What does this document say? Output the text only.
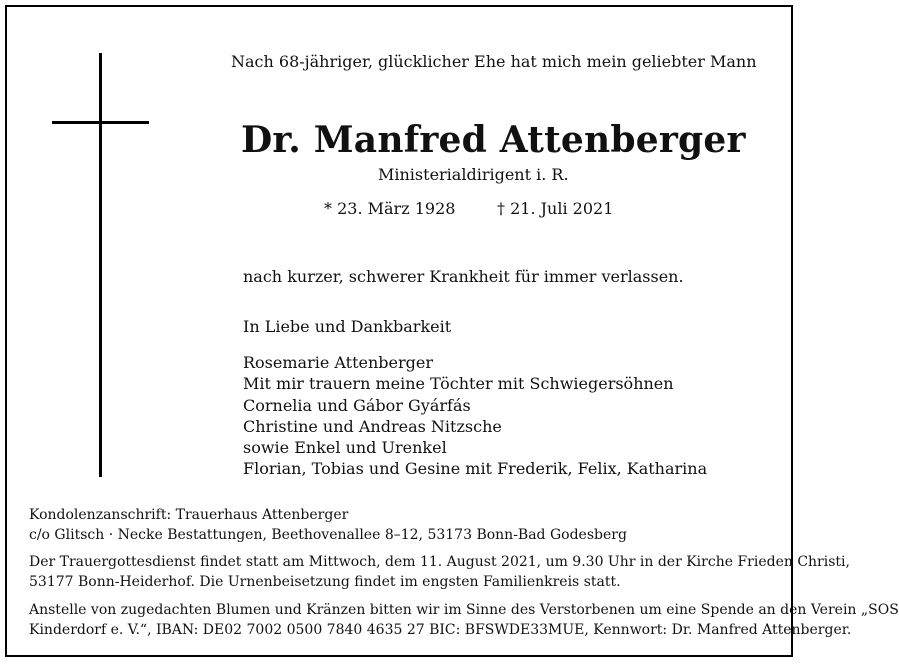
Nach 68-jähriger, glücklicher Ehe hat mich mein geliebter Mann
Dr. Manfred Attenberger
Ministerialdirigent i. R.
* 23. März 1928	† 21. Juli 2021
nach kurzer, schwerer Krankheit für immer verlassen.
In Liebe und Dankbarkeit
Rosemarie Attenberger
Mit mir trauern meine Töchter mit Schwiegersöhnen
Cornelia und Gábor Gyárfás
Christine und Andreas Nitzsche
sowie Enkel und Urenkel
Florian, Tobias und Gesine mit Frederik, Felix, Katharina
Kondolenzanschrift: Trauerhaus Attenberger
c/o Glitsch · Necke Bestattungen, Beethovenallee 8–12, 53173 Bonn-Bad Godesberg
Der Trauergottesdienst findet statt am Mittwoch, dem 11. August 2021, um 9.30 Uhr in der Kirche Frieden Christi,
53177 Bonn-Heiderhof. Die Urnenbeisetzung findet im engsten Familienkreis statt.
Anstelle von zugedachten Blumen und Kränzen bitten wir im Sinne des Verstorbenen um eine Spende an den Verein „SOS
Kinderdorf e. V.“, IBAN: DE02 7002 0500 7840 4635 27 BIC: BFSWDE33MUE, Kennwort: Dr. Manfred Attenberger.
